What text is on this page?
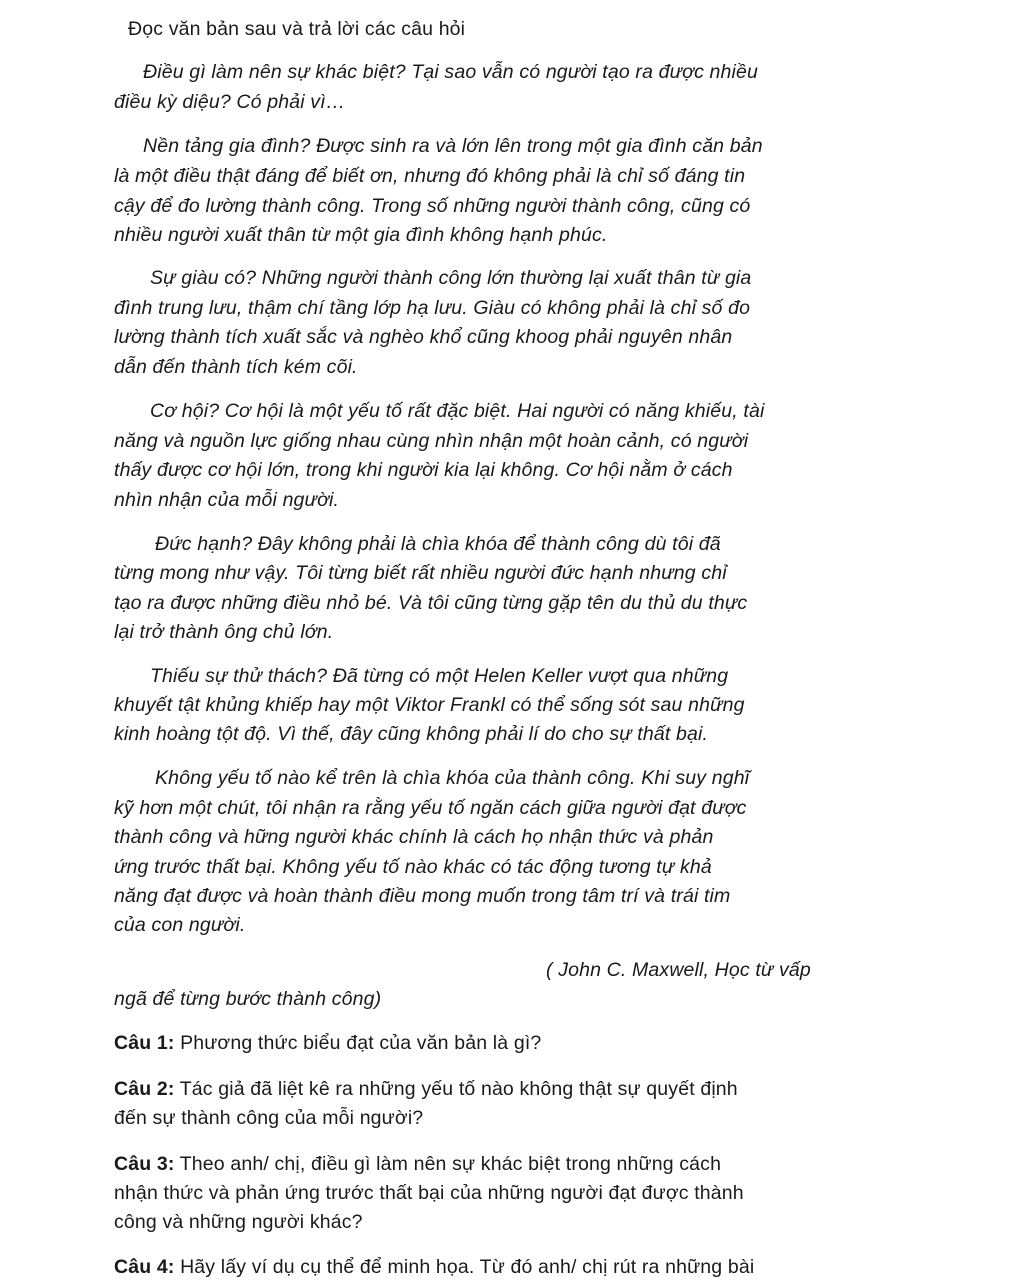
Đọc văn bản sau và trả lời các câu hỏi
Điều gì làm nên sự khác biệt? Tại sao vẫn có người tạo ra được nhiều
điều kỳ diệu? Có phải vì…
Nền tảng gia đình? Được sinh ra và lớn lên trong một gia đình căn bản
là một điều thật đáng để biết ơn, nhưng đó không phải là chỉ số đáng tin
cậy để đo lường thành công. Trong số những người thành công, cũng có
nhiều người xuất thân từ một gia đình không hạnh phúc.
Sự giàu có? Những người thành công lớn thường lại xuất thân từ gia
đình trung lưu, thậm chí tầng lớp hạ lưu. Giàu có không phải là chỉ số đo
lường thành tích xuất sắc và nghèo khổ cũng khoog phải nguyên nhân
dẫn đến thành tích kém cõi.
Cơ hội? Cơ hội là một yếu tố rất đặc biệt. Hai người có năng khiếu, tài
năng và nguồn lực giống nhau cùng nhìn nhận một hoàn cảnh, có người
thấy được cơ hội lớn, trong khi người kia lại không. Cơ hội nằm ở cách
nhìn nhận của mỗi người.
Đức hạnh? Đây không phải là chìa khóa để thành công dù tôi đã
từng mong như vậy. Tôi từng biết rất nhiều người đức hạnh nhưng chỉ
tạo ra được những điều nhỏ bé. Và tôi cũng từng gặp tên du thủ du thực
lại trở thành ông chủ lớn.
Thiếu sự thử thách? Đã từng có một Helen Keller vượt qua những
khuyết tật khủng khiếp hay một Viktor Frankl có thể sống sót sau những
kinh hoàng tột độ. Vì thế, đây cũng không phải lí do cho sự thất bại.
Không yếu tố nào kể trên là chìa khóa của thành công. Khi suy nghĩ
kỹ hơn một chút, tôi nhận ra rằng yếu tố ngăn cách giữa người đạt được
thành công và hững người khác chính là cách họ nhận thức và phản
ứng trước thất bại. Không yếu tố nào khác có tác động tương tự khả
năng đạt được và hoàn thành điều mong muốn trong tâm trí và trái tim
của con người.
( John C. Maxwell, Học từ vấp
ngã để từng bước thành công)
Câu 1: Phương thức biểu đạt của văn bản là gì?
Câu 2: Tác giả đã liệt kê ra những yếu tố nào không thật sự quyết định
đến sự thành công của mỗi người?
Câu 3: Theo anh/ chị, điều gì làm nên sự khác biệt trong những cách
nhận thức và phản ứng trước thất bại của những người đạt được thành
công và những người khác?
Câu 4: Hãy lấy ví dụ cụ thể để minh họa. Từ đó anh/ chị rút ra những bài
